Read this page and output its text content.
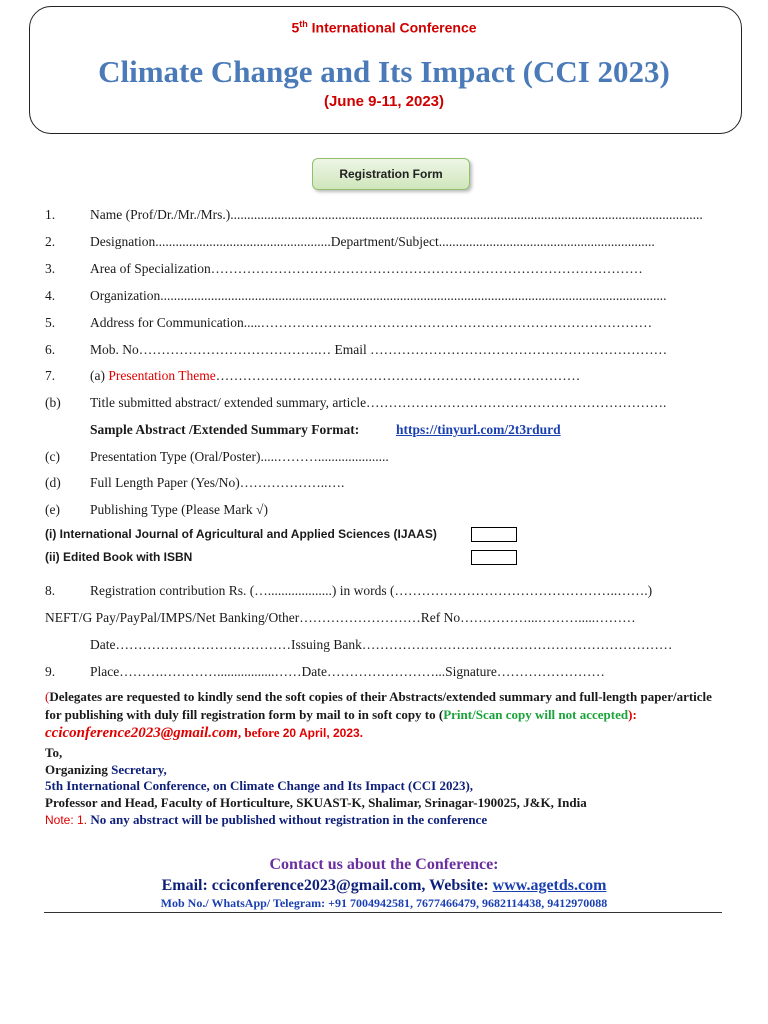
5th International Conference
Climate Change and Its Impact (CCI 2023)
(June 9-11, 2023)
Registration Form
1.	Name (Prof/Dr./Mr./Mrs.)............................................................................................................................................
2.	Designation....................................................Department/Subject................................................................
3.	Area of Specialization……………………………………………………………………………………
4.	Organization......................................................................................................................................................
5.	Address for Communication.....……………………………………………………………………………
6.	Mob. No………………………………….… Email …………………………………………………………
7.	(a) Presentation Theme………………………………………………………………………
(b) Title submitted abstract/ extended summary, article………………………………………………………….
Sample Abstract /Extended Summary Format:	https://tinyurl.com/2t3rdurd
(c) Presentation Type (Oral/Poster).....……….....................
(d) Full Length Paper (Yes/No)………………..….
(e) Publishing Type (Please Mark √)
(i) International Journal of Agricultural and Applied Sciences (IJAAS)
(ii) Edited Book with ISBN
8.	Registration contribution Rs. (…...................) in words (…………………………………………..…….)
NEFT/G Pay/PayPal/IMPS/Net Banking/Other………………………Ref No……………...……….....………
Date…………………………………Issuing Bank……………………………………………………………
9.	Place……….………….................……Date……………………...Signature……………………
(Delegates are requested to kindly send the soft copies of their Abstracts/extended summary and full-length paper/article for publishing with duly fill registration form by mail to in soft copy to (Print/Scan copy will not accepted): cciconference2023@gmail.com, before 20 April, 2023.
To,
Organizing Secretary,
5th International Conference, on Climate Change and Its Impact (CCI 2023),
Professor and Head, Faculty of Horticulture, SKUAST-K, Shalimar, Srinagar-190025, J&K, India
Note: 1. No any abstract will be published without registration in the conference
Contact us about the Conference:
Email: cciconference2023@gmail.com, Website: www.agetds.com
Mob No./ WhatsApp/ Telegram: +91 7004942581, 7677466479, 9682114438, 9412970088
